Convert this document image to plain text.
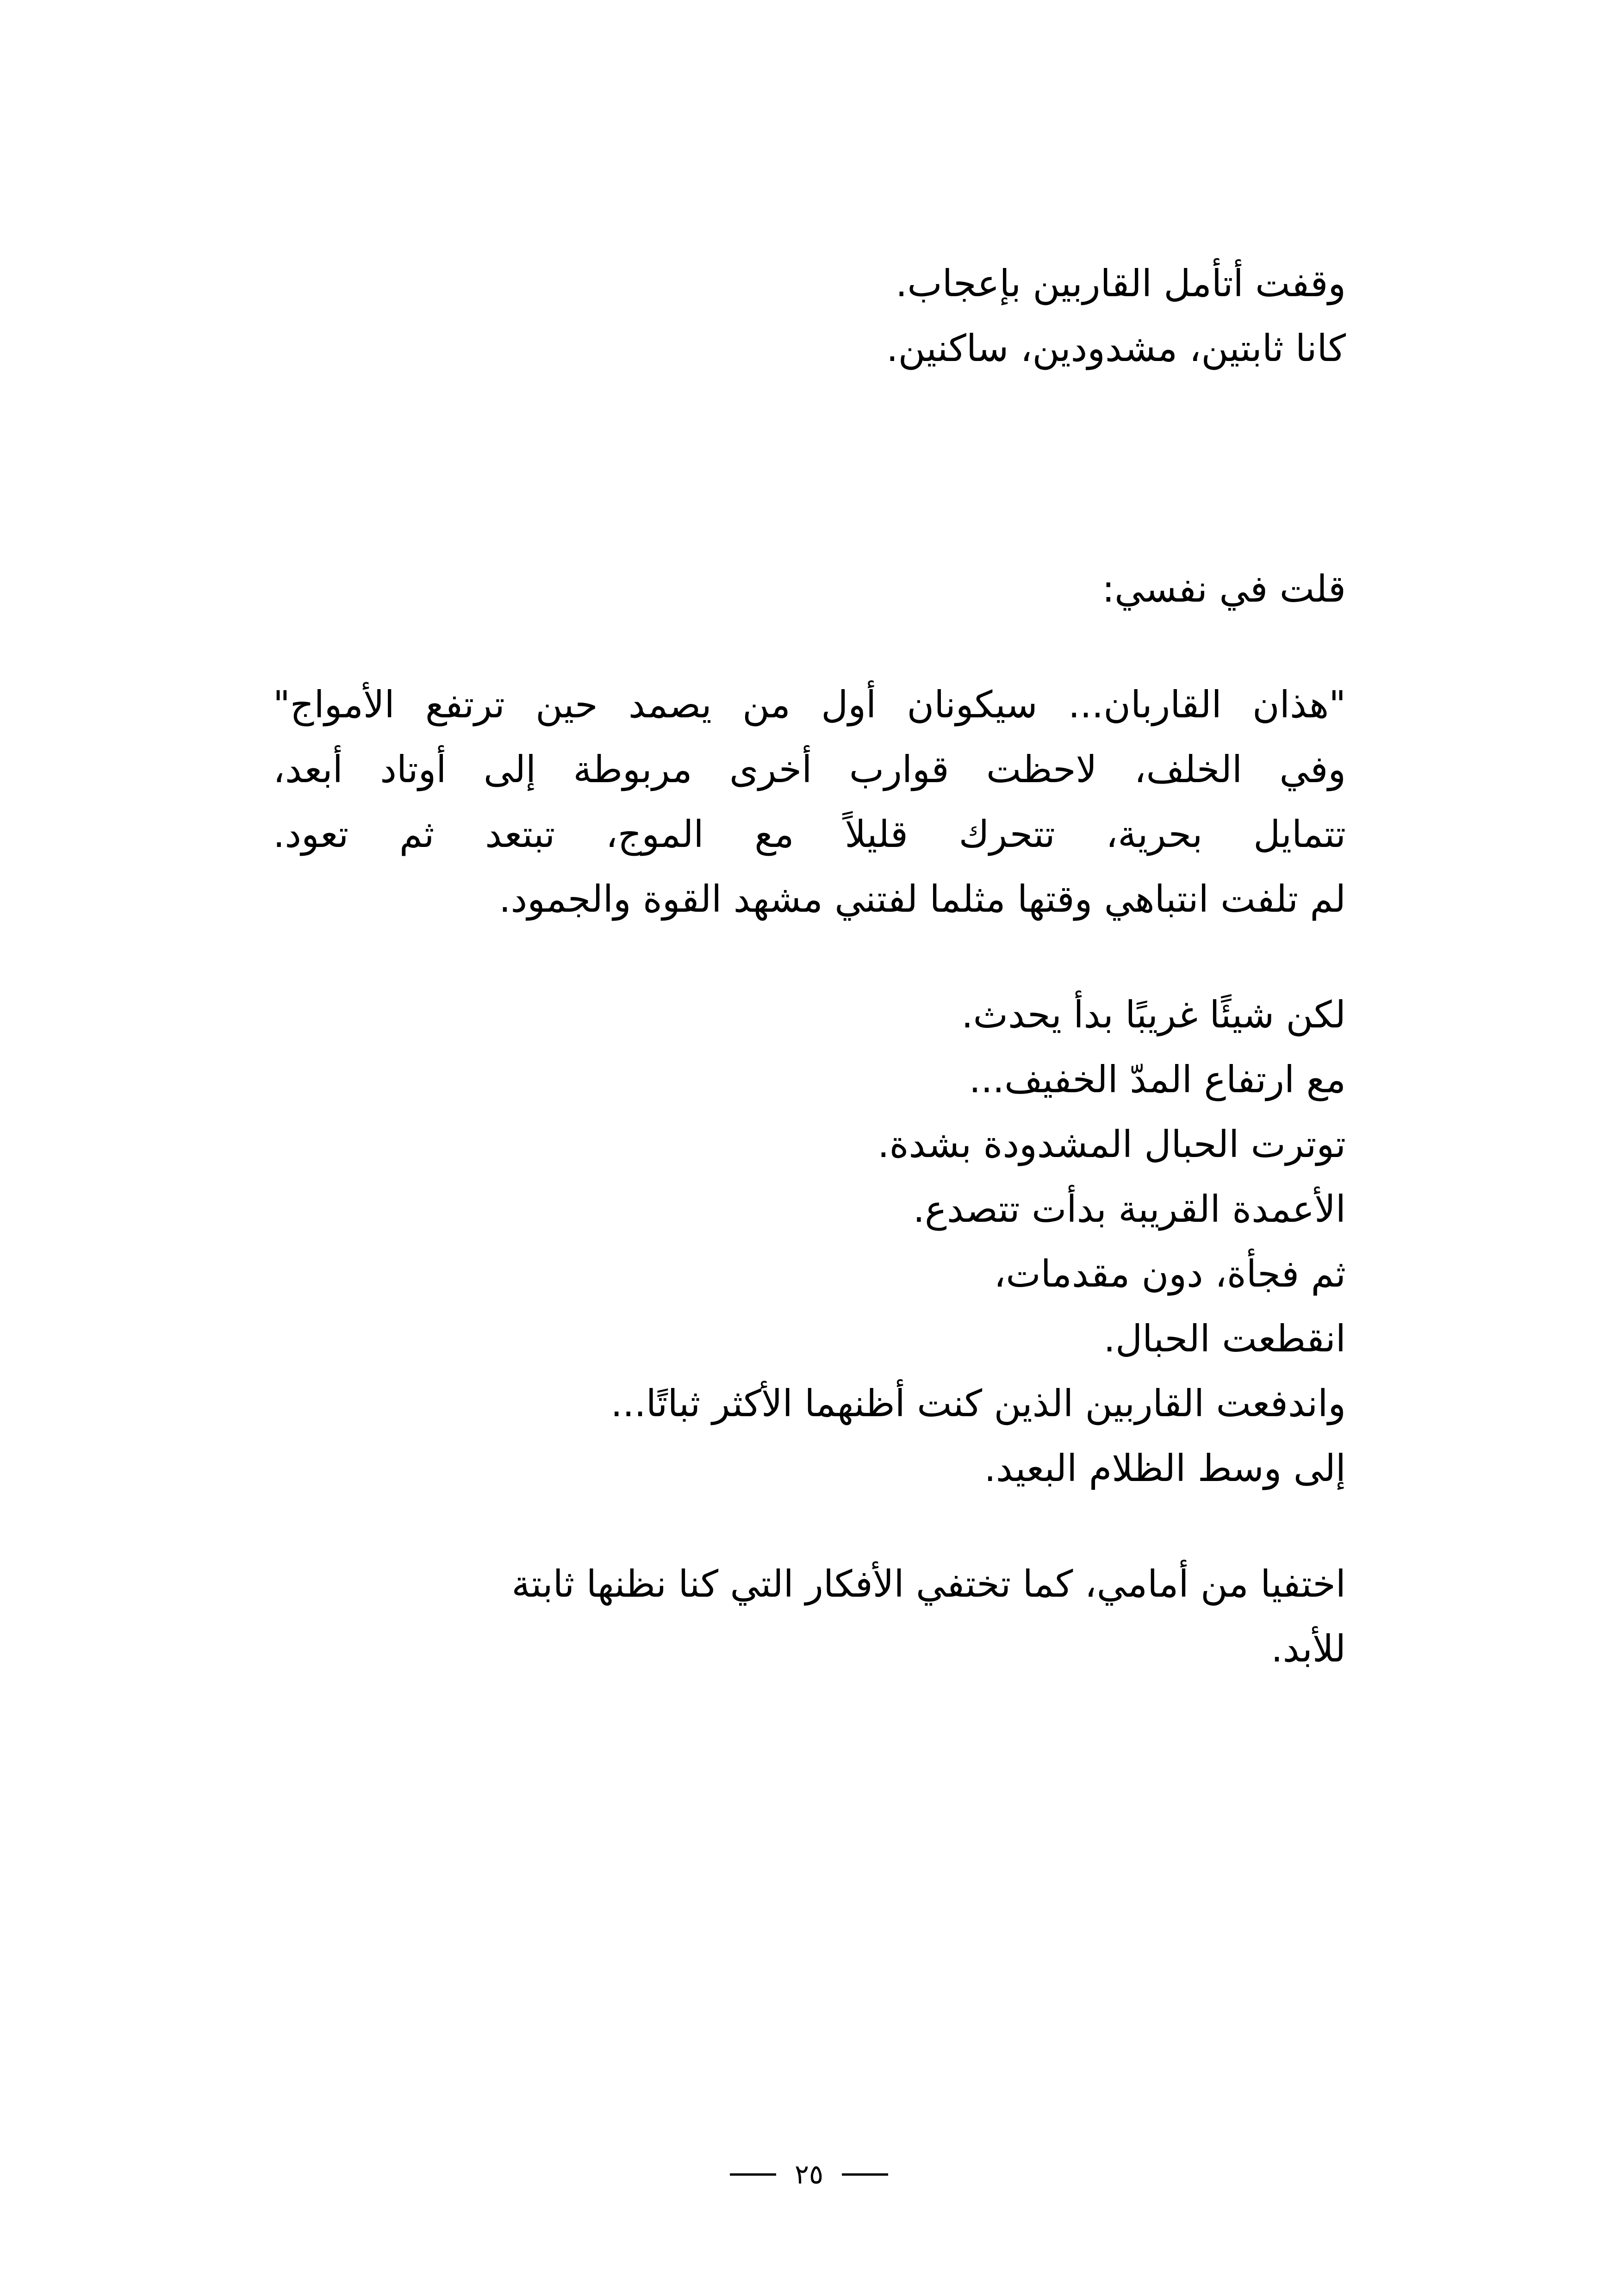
وقفت أتأمل القاربين بإعجاب.
كانا ثابتين، مشدودين، ساكنين.
قلت في نفسي:
"هذان القاربان... سيكونان أول من يصمد حين ترتفع الأمواج"
وفي الخلف، لاحظت قوارب أخرى مربوطة إلى أوتاد أبعد،
تتمايل بحرية، تتحرك قليلاً مع الموج، تبتعد ثم تعود.
لم تلفت انتباهي وقتها مثلما لفتني مشهد القوة والجمود.
لكن شيئًا غريبًا بدأ يحدث.
مع ارتفاع المدّ الخفيف...
توترت الحبال المشدودة بشدة.
الأعمدة القريبة بدأت تتصدع.
ثم فجأة، دون مقدمات،
انقطعت الحبال.
واندفعت القاربين الذين كنت أظنهما الأكثر ثباتًا...
إلى وسط الظلام البعيد.
اختفيا من أمامي، كما تختفي الأفكار التي كنا نظنها ثابتة
للأبد.
٢٥
